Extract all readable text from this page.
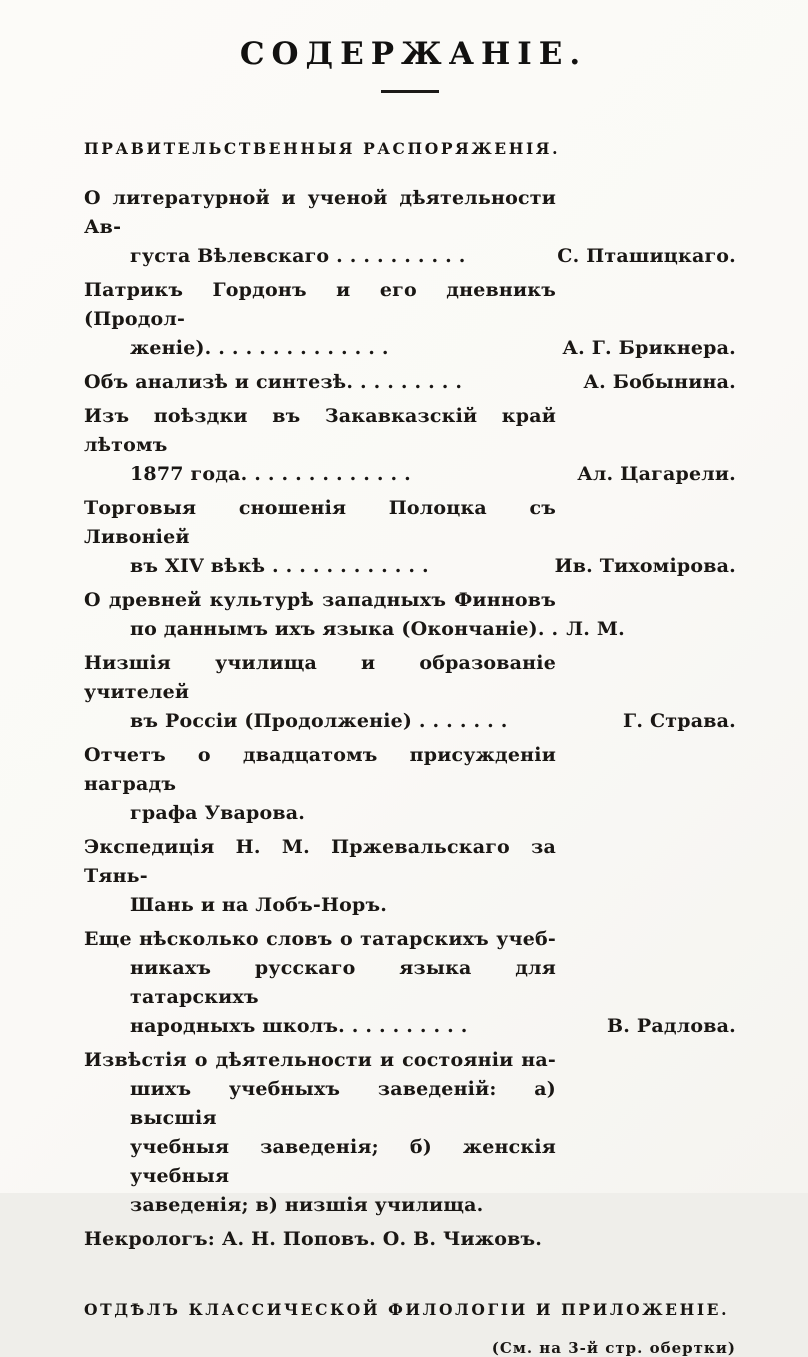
СОДЕРЖАНІЕ.
ПРАВИТЕЛЬСТВЕННЫЯ РАСПОРЯЖЕНІЯ.
О литературной и ученой дѣятельности Ав-
густа Вѣлевскаго . . . . . . . . . .	С. Пташицкаго.
Патрикъ Гордонъ и его дневникъ (Продол-
женіе). . . . . . . . . . . . . .	А. Г. Брикнера.
Объ анализѣ и синтезѣ. . . . . . . . .	А. Бобынина.
Изъ поѣздки въ Закавказскій край лѣтомъ
1877 года. . . . . . . . . . . . .	Ал. Цагарели.
Торговыя сношенія Полоцка съ Ливоніей
въ XIV вѣкѣ . . . . . . . . . . . .	Ив. Тихомірова.
О древней культурѣ западныхъ Финновъ
по даннымъ ихъ языка (Окончаніе). . Л. М.
Низшія училища и образованіе учителей
въ Россіи (Продолженіе) . . . . . . .	Г. Страва.
Отчетъ о двадцатомъ присужденіи наградъ
графа Уварова.
Экспедиція Н. М. Пржевальскаго за Тянь-
Шань и на Лобъ-Норъ.
Еще нѣсколько словъ о татарскихъ учеб-
никахъ русскаго языка для татарскихъ
народныхъ школъ. . . . . . . . . .	В. Радлова.
Извѣстія о дѣятельности и состояніи на-
шихъ учебныхъ заведеній: а) высшія
учебныя заведенія; б) женскія учебныя
заведенія; в) низшія училища.
Некрологъ: А. Н. Поповъ. О. В. Чижовъ.
ОТДѢЛЪ КЛАССИЧЕСКОЙ ФИЛОЛОГІИ И ПРИЛОЖЕНІЕ.
(См. на 3-й стр. обертки)
